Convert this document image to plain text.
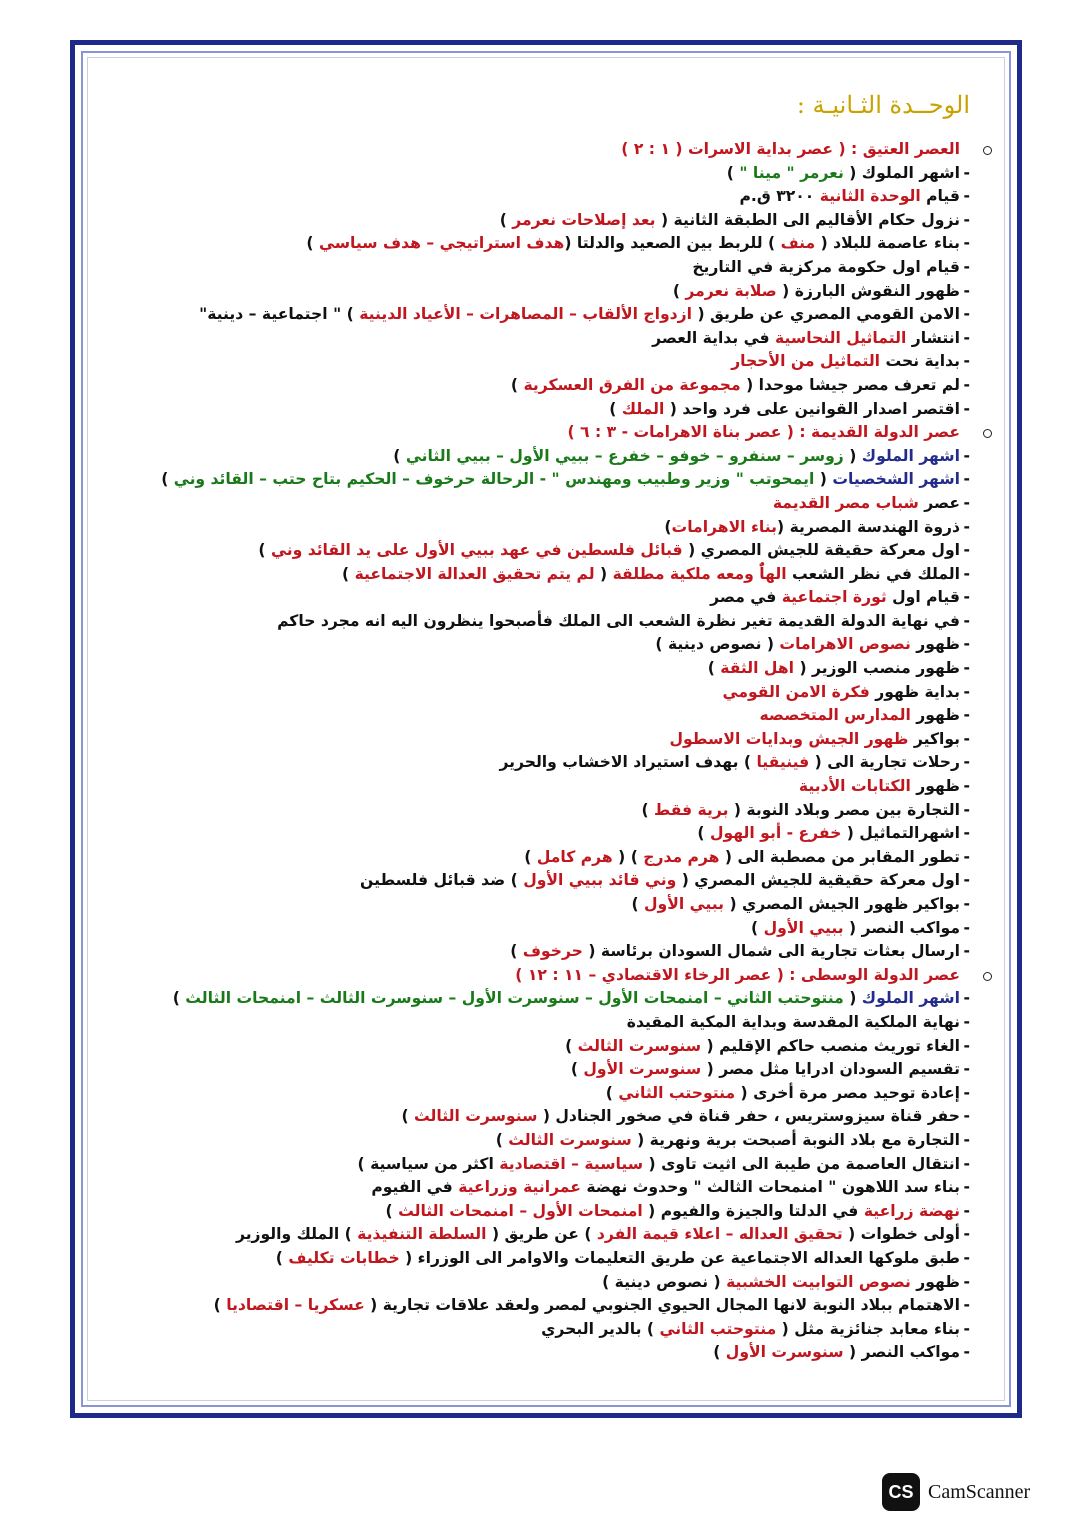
الوحــدة الثـانيـة :
العصر العتيق : ( عصر بداية الاسرات ( ١ : ٢ )
- اشهر الملوك ( نعرمر " مينا " )
- قيام الوحدة الثانية ٣٢٠٠ ق.م
- نزول حكام الأقاليم الى الطبقة الثانية ( بعد إصلاحات نعرمر )
- بناء عاصمة للبلاد ( منف ) للربط بين الصعيد والدلتا (هدف استراتيجي – هدف سياسي )
- قيام اول حكومة مركزية في التاريخ
- ظهور النقوش البارزة ( صلابة نعرمر )
- الامن القومي المصري عن طريق ( ازدواج الألقاب – المصاهرات – الأعياد الدينية ) " اجتماعية – دينية"
- انتشار التماثيل النحاسية في بداية العصر
- بداية نحت التماثيل من الأحجار
- لم تعرف مصر جيشا موحدا ( مجموعة من الفرق العسكرية )
- اقتصر اصدار القوانين على فرد واحد ( الملك )
عصر الدولة القديمة : ( عصر بناة الاهرامات - ٣ : ٦ )
- اشهر الملوك ( زوسر – سنفرو – خوفو – خفرع – ببيي الأول – ببيي الثاني )
- اشهر الشخصيات ( ايمحوتب " وزير وطبيب ومهندس " - الرحالة حرخوف – الحكيم بتاح حتب – القائد وني )
- عصر شباب مصر القديمة
- ذروة الهندسة المصرية (بناء الاهرامات)
- اول معركة حقيقة للجيش المصري ( قبائل فلسطين في عهد ببيي الأول على يد القائد وني )
- الملك في نظر الشعب الهاًٌ ومعه ملكية مطلقة ( لم يتم تحقيق العدالة الاجتماعية )
- قيام اول ثورة اجتماعية في مصر
- في نهاية الدولة القديمة تغير نظرة الشعب الى الملك فأصبحوا ينظرون اليه انه مجرد حاكم
- ظهور نصوص الاهرامات ( نصوص دينية )
- ظهور منصب الوزير ( اهل الثقة )
- بداية ظهور فكرة الامن القومي
- ظهور المدارس المتخصصه
- بواكير ظهور الجيش وبدايات الاسطول
- رحلات تجارية الى ( فينيقيا ) بهدف استيراد الاخشاب والحرير
- ظهور الكتابات الأدبية
- التجارة بين مصر وبلاد النوبة ( برية فقط )
- اشهرالتماثيل ( خفرع - أبو الهول )
- تطور المقابر من مصطبة الى ( هرم مدرج ) ( هرم كامل )
- اول معركة حقيقية للجيش المصري ( وني قائد ببيي الأول ) ضد قبائل فلسطين
- بواكير ظهور الجيش المصري ( ببيي الأول )
- مواكب النصر ( ببيي الأول )
- ارسال بعثات تجارية الى شمال السودان برئاسة ( حرخوف )
عصر الدولة الوسطى : ( عصر الرخاء الاقتصادي – ١١ : ١٢ )
- اشهر الملوك ( منتوحتب الثاني – امنمحات الأول – سنوسرت الأول – سنوسرت الثالث – امنمحات الثالث )
- نهاية الملكية المقدسة وبداية المكية المقيدة
- الغاء توريث منصب حاكم الإقليم ( سنوسرت الثالث )
- تقسيم السودان ادرايا مثل مصر ( سنوسرت الأول )
- إعادة توحيد مصر مرة أخرى ( منتوحتب الثاني )
- حفر قناة سيزوستريس ، حفر قناة في صخور الجنادل ( سنوسرت الثالث )
- التجارة مع بلاد النوبة أصبحت برية ونهرية ( سنوسرت الثالث )
- انتقال العاصمة من طيبة الى اثيت تاوى ( سياسية – اقتصادية اكثر من سياسية )
- بناء سد اللاهون " امنمحات الثالث " وحدوث نهضة عمرانية وزراعية في الفيوم
- نهضة زراعية في الدلتا والجيزة والفيوم ( امنمحات الأول – امنمحات الثالث )
- أولى خطوات ( تحقيق العداله – اعلاء قيمة الفرد ) عن طريق ( السلطة التنفيذية ) الملك والوزير
- طبق ملوكها العداله الاجتماعية عن طريق التعليمات والاوامر الى الوزراء ( خطابات تكليف )
- ظهور نصوص التوابيت الخشبية ( نصوص دينية )
- الاهتمام ببلاد النوبة لانها المجال الحيوي الجنوبي لمصر ولعقد علاقات تجارية ( عسكريا – اقتصاديا )
- بناء معابد جنائزية مثل ( منتوحتب الثاني ) بالدير البحري
- مواكب النصر ( سنوسرت الأول )
CS CamScanner
